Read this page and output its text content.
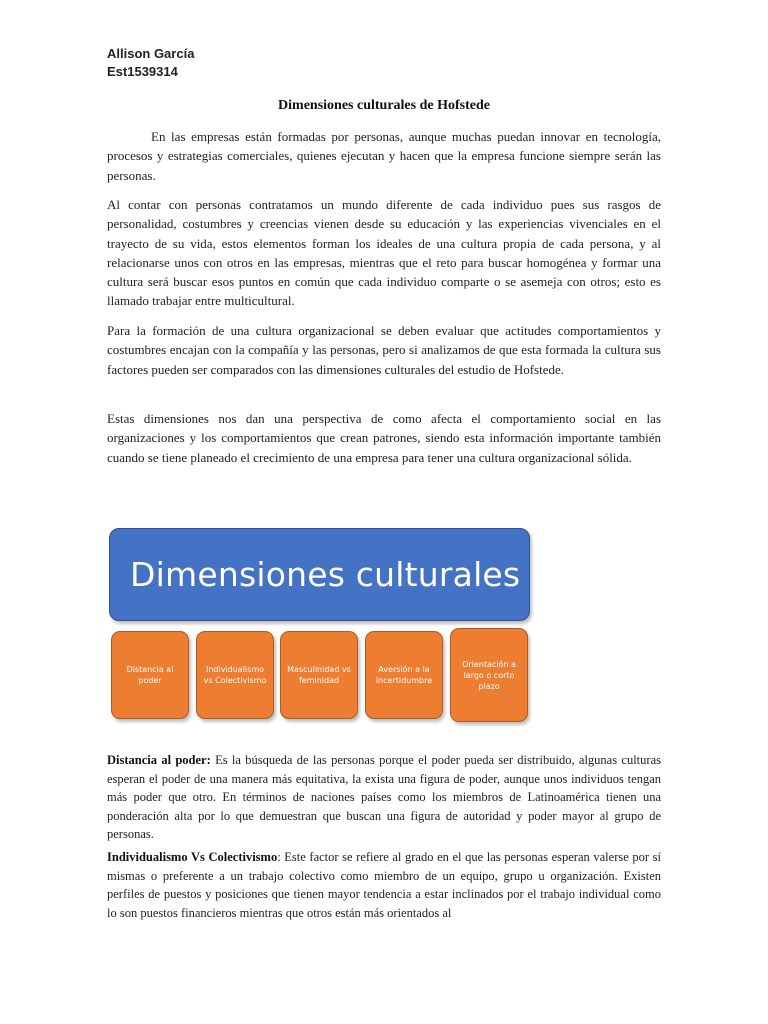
Allison García
Est1539314
Dimensiones culturales de Hofstede

En las empresas están formadas por personas, aunque muchas puedan innovar en tecnología, procesos y estrategias comerciales, quienes ejecutan y hacen que la empresa funcione siempre serán las personas.

Al contar con personas contratamos un mundo diferente de cada individuo pues sus rasgos de personalidad, costumbres y creencias vienen desde su educación y las experiencias vivenciales en el trayecto de su vida, estos elementos forman los ideales de una cultura propia de cada persona, y al relacionarse unos con otros en las empresas, mientras que el reto para buscar homogénea y formar una cultura será buscar esos puntos en común que cada individuo comparte o se asemeja con otros; esto es llamado trabajar entre multicultural.

Para la formación de una cultura organizacional se deben evaluar que actitudes comportamientos y costumbres encajan con la compañía y las personas, pero si analizamos de que esta formada la cultura sus factores pueden ser comparados con las dimensiones culturales del estudio de Hofstede.

Estas dimensiones nos dan una perspectiva de como afecta el comportamiento social en las organizaciones y los comportamientos que crean patrones, siendo esta información importante también cuando se tiene planeado el crecimiento de una empresa para tener una cultura organizacional sólida.

Dimensiones culturales
Distancia al poder
Individualismo vs Colectivismo
Masculinidad vs feminidad
Aversión a la incertidumbre
Orientación a largo o corto plazo

Distancia al poder: Es la búsqueda de las personas porque el poder pueda ser distribuido, algunas culturas esperan el poder de una manera más equitativa, la exista una figura de poder, aunque unos individuos tengan más poder que otro. En términos de naciones países como los miembros de Latinoamérica tienen una ponderación alta por lo que demuestran que buscan una figura de autoridad y poder mayor al grupo de personas.

Individualismo Vs Colectivismo: Este factor se refiere al grado en el que las personas esperan valerse por sí mismas o preferente a un trabajo colectivo como miembro de un equipo, grupo u organización. Existen perfiles de puestos y posiciones que tienen mayor tendencia a estar inclinados por el trabajo individual como lo son puestos financieros mientras que otros están más orientados al
